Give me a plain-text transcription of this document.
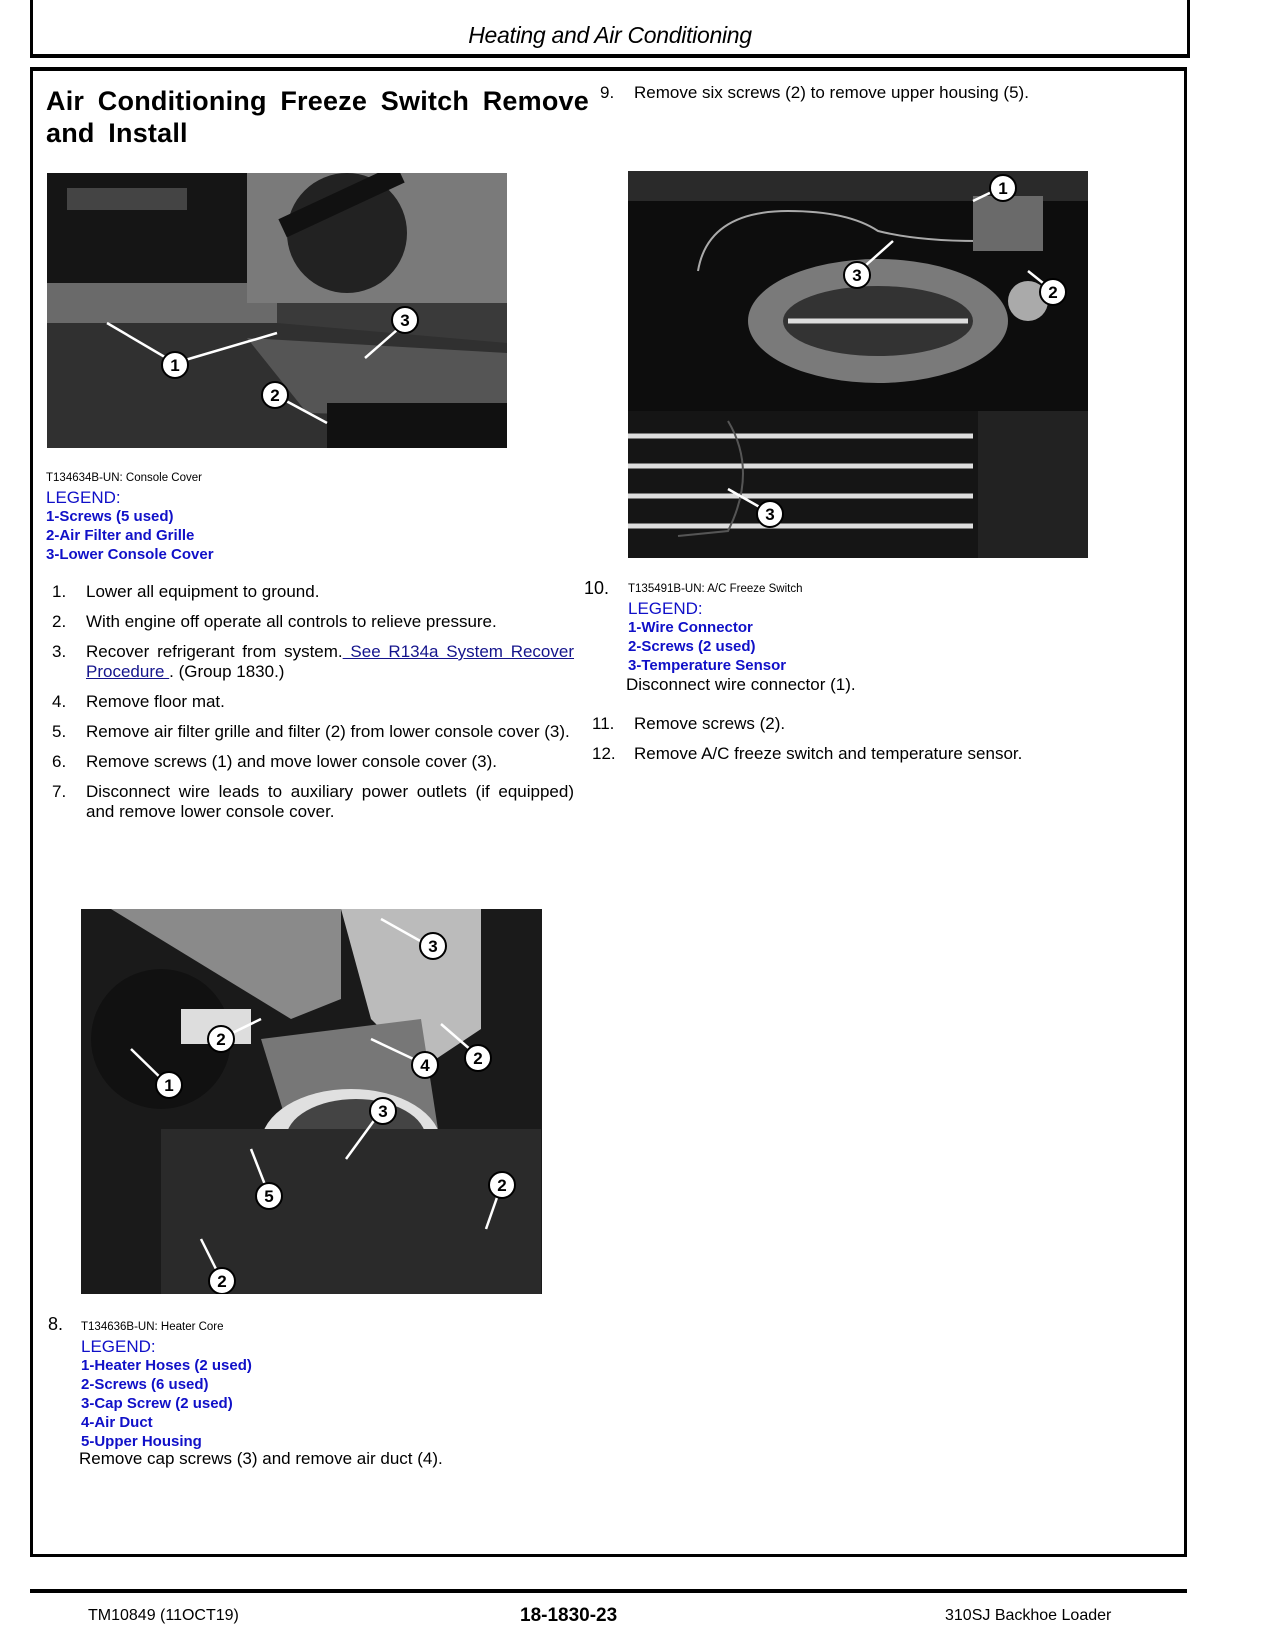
Heating and Air Conditioning
Air Conditioning Freeze Switch Remove and Install
1
2
3
T134634B-UN: Console Cover
LEGEND:
1-Screws (5 used)
2-Air Filter and Grille
3-Lower Console Cover
1.	Lower all equipment to ground.
2.	With engine off operate all controls to relieve pressure.
3.	Recover refrigerant from system. See R134a System Recover Procedure . (Group 1830.)
4.	Remove floor mat.
5.	Remove air filter grille and filter (2) from lower console cover (3).
6.	Remove screws (1) and move lower console cover (3).
7.	Disconnect wire leads to auxiliary power outlets (if equipped) and remove lower console cover.
1
2
2
2
2
3
3
4
5
8. T134636B-UN: Heater Core
LEGEND:
1-Heater Hoses (2 used)
2-Screws (6 used)
3-Cap Screw (2 used)
4-Air Duct
5-Upper Housing
Remove cap screws (3) and remove air duct (4).
9.	Remove six screws (2) to remove upper housing (5).
1
2
3
3
10. T135491B-UN: A/C Freeze Switch
LEGEND:
1-Wire Connector
2-Screws (2 used)
3-Temperature Sensor
Disconnect wire connector (1).
11.	Remove screws (2).
12.	Remove A/C freeze switch and temperature sensor.
TM10849 (11OCT19)	18-1830-23	310SJ Backhoe Loader
